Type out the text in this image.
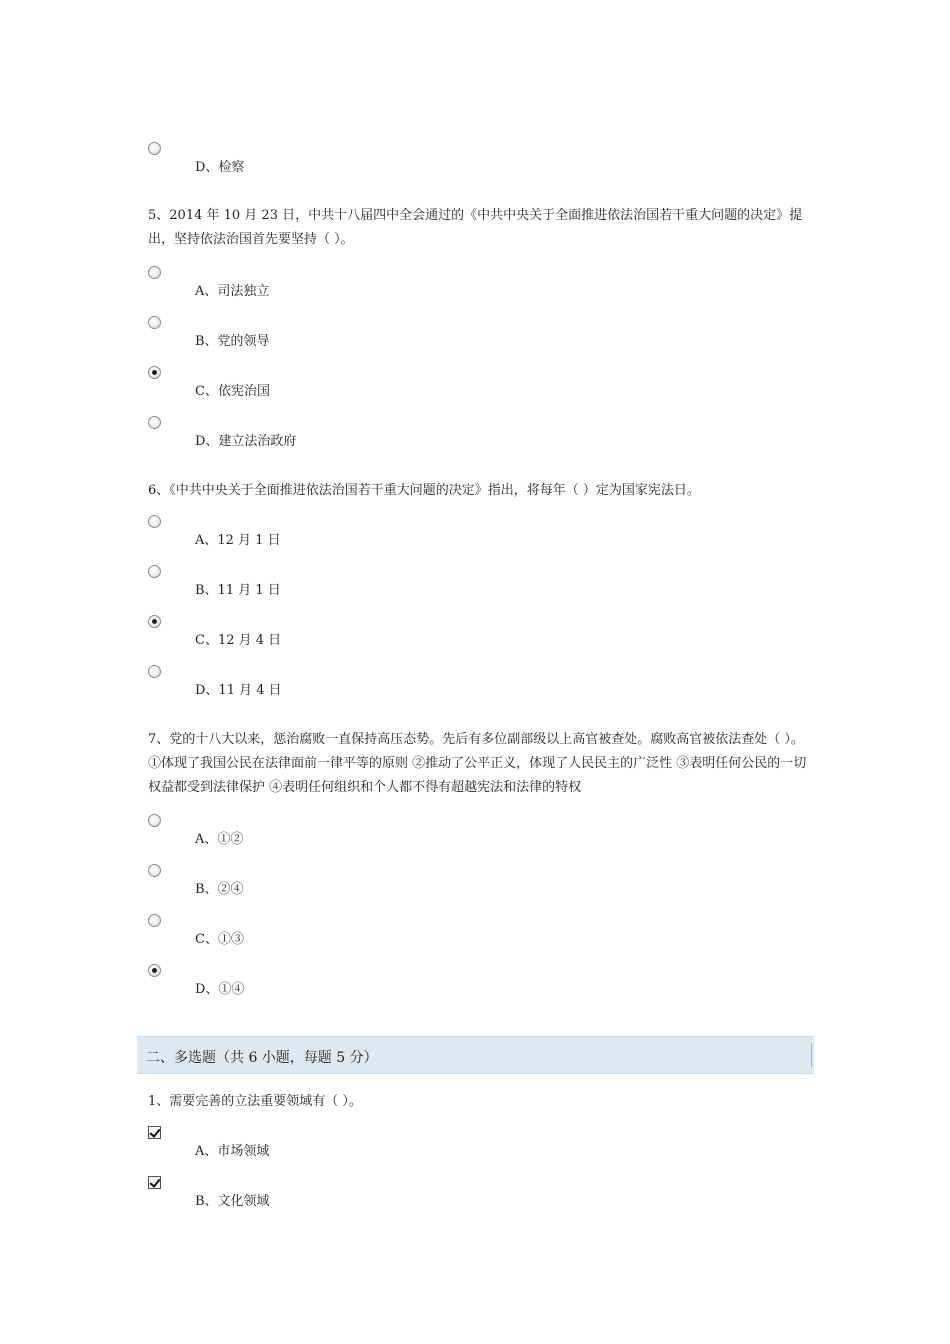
D、检察
5、2014 年 10 月 23 日，中共十八届四中全会通过的《中共中央关于全面推进依法治国若干重大问题的决定》提出，坚持依法治国首先要坚持（ ）。
A、司法独立
B、党的领导
C、依宪治国
D、建立法治政府
6、《中共中央关于全面推进依法治国若干重大问题的决定》指出，将每年（ ）定为国家宪法日。
A、12 月 1 日
B、11 月 1 日
C、12 月 4 日
D、11 月 4 日
7、党的十八大以来，惩治腐败一直保持高压态势。先后有多位副部级以上高官被查处。腐败高官被依法查处（ ）。①体现了我国公民在法律面前一律平等的原则 ②推动了公平正义，体现了人民民主的广泛性 ③表明任何公民的一切权益都受到法律保护 ④表明任何组织和个人都不得有超越宪法和法律的特权
A、①②
B、②④
C、①③
D、①④
二、多选题（共 6 小题，每题 5 分）
1、需要完善的立法重要领域有（ ）。
A、市场领域
B、文化领域
